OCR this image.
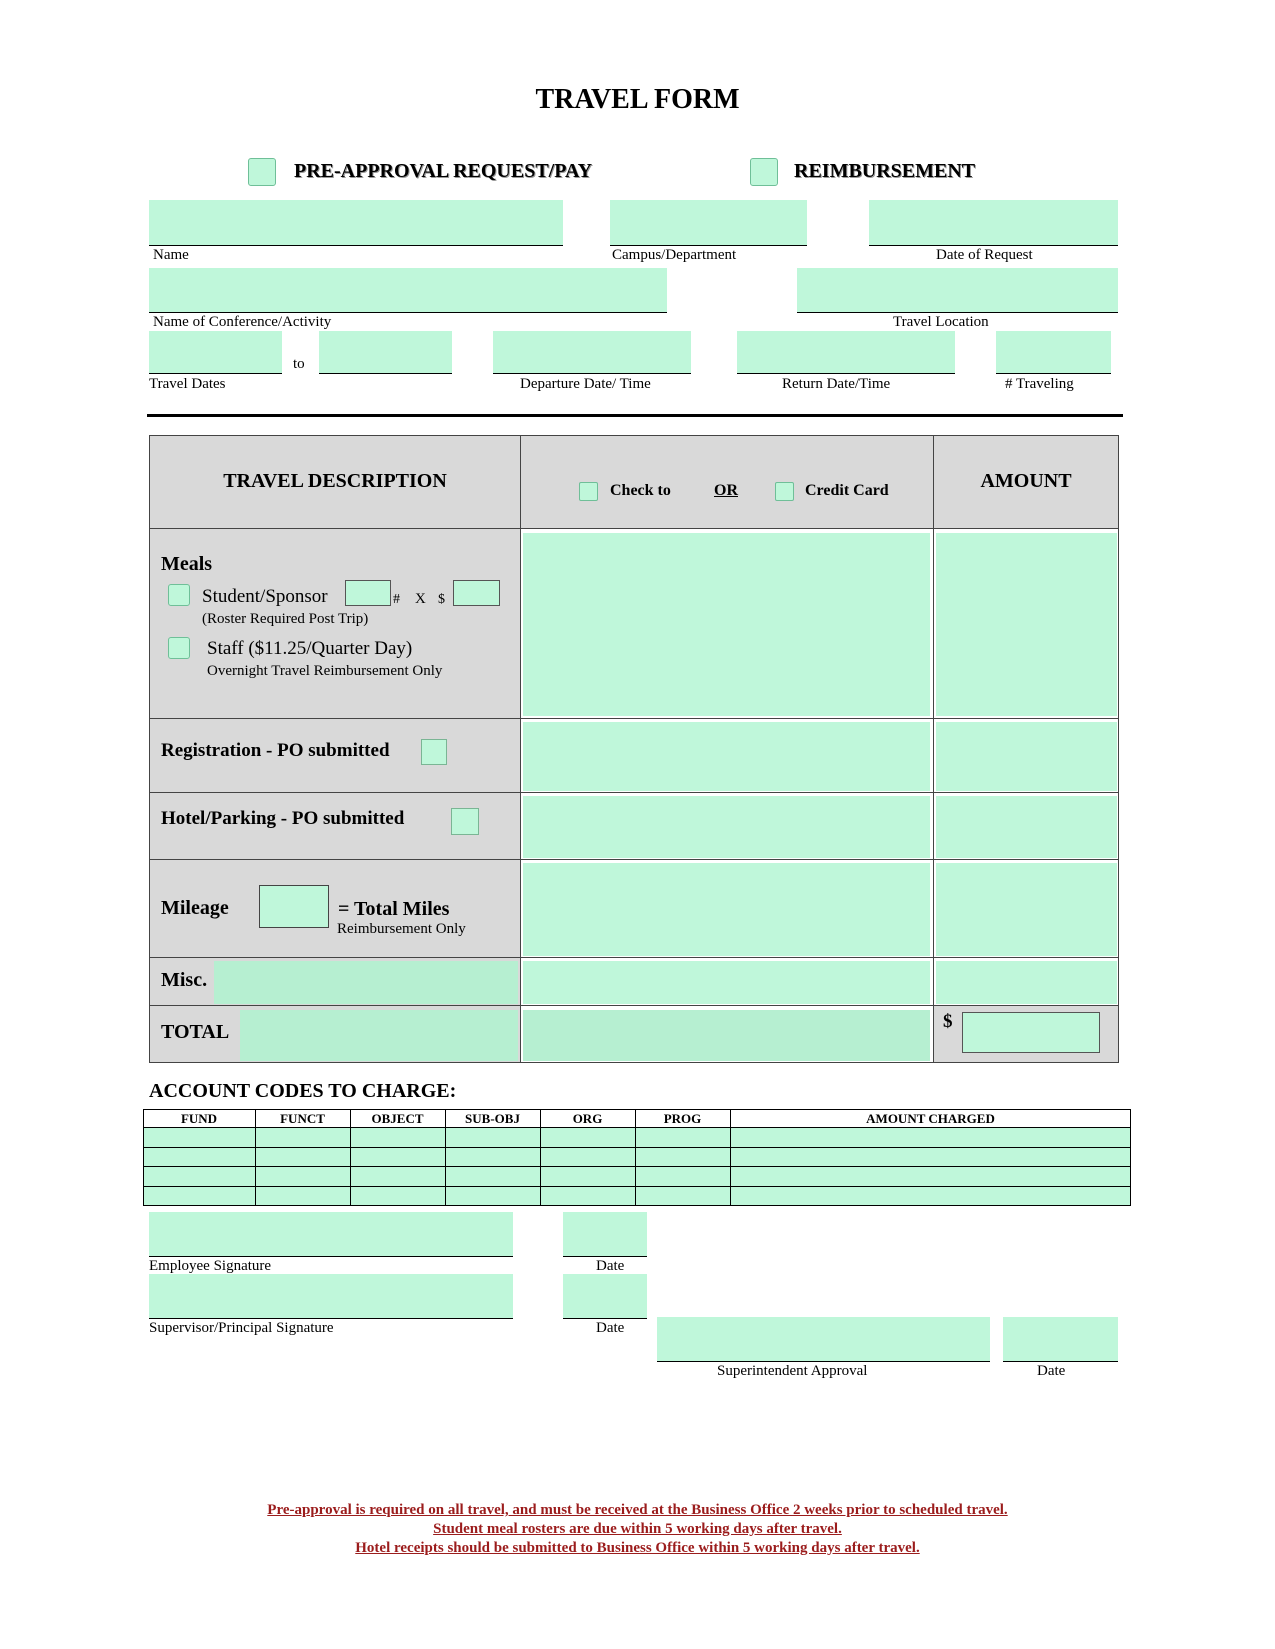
TRAVEL FORM
PRE-APPROVAL REQUEST/PAY	REIMBURSEMENT
Name	Campus/Department	Date of Request
Name of Conference/Activity	Travel Location
to
Travel Dates	Departure Date/ Time	Return Date/Time	# Traveling
TRAVEL DESCRIPTION	Check to	OR	Credit Card	AMOUNT
Meals
Student/Sponsor	# X $
(Roster Required Post Trip)
Staff ($11.25/Quarter Day)
Overnight Travel Reimbursement Only
Registration - PO submitted
Hotel/Parking - PO submitted
Mileage	= Total Miles
Reimbursement Only
Misc.
TOTAL	$
ACCOUNT CODES TO CHARGE:
FUND	FUNCT	OBJECT	SUB-OBJ	ORG	PROG	AMOUNT CHARGED
Employee Signature	Date
Supervisor/Principal Signature	Date
Superintendent Approval	Date
Pre-approval is required on all travel, and must be received at the Business Office 2 weeks prior to scheduled travel.
Student meal rosters are due within 5 working days after travel.
Hotel receipts should be submitted to Business Office within 5 working days after travel.
